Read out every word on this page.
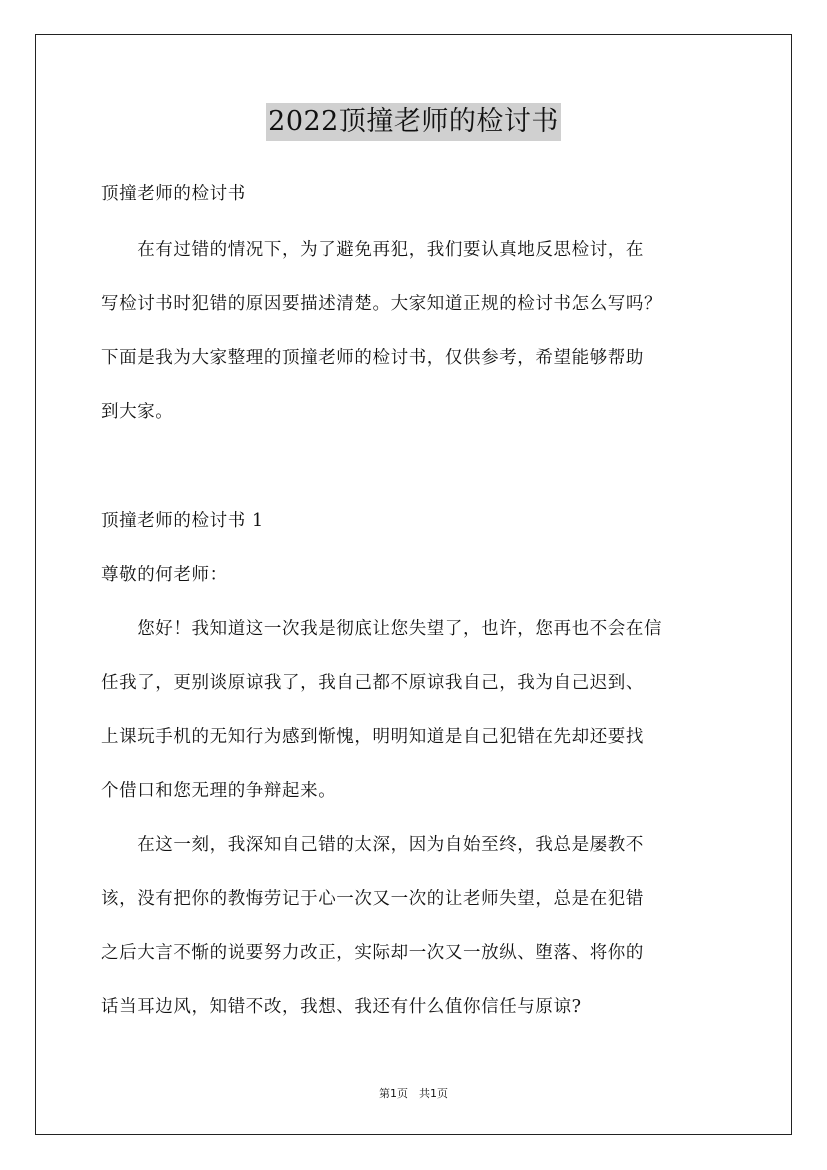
2022顶撞老师的检讨书
顶撞老师的检讨书
　　在有过错的情况下，为了避免再犯，我们要认真地反思检讨，在
写检讨书时犯错的原因要描述清楚。大家知道正规的检讨书怎么写吗？
下面是我为大家整理的顶撞老师的检讨书，仅供参考，希望能够帮助
到大家。
顶撞老师的检讨书 1
尊敬的何老师：
　　您好！我知道这一次我是彻底让您失望了，也许，您再也不会在信
任我了，更别谈原谅我了，我自己都不原谅我自己，我为自己迟到、
上课玩手机的无知行为感到惭愧，明明知道是自己犯错在先却还要找
个借口和您无理的争辩起来。
　　在这一刻，我深知自己错的太深，因为自始至终，我总是屡教不
该，没有把你的教悔劳记于心一次又一次的让老师失望，总是在犯错
之后大言不惭的说要努力改正，实际却一次又一放纵、堕落、将你的
话当耳边风，知错不改，我想、我还有什么值你信任与原谅?
第1页　共1页
